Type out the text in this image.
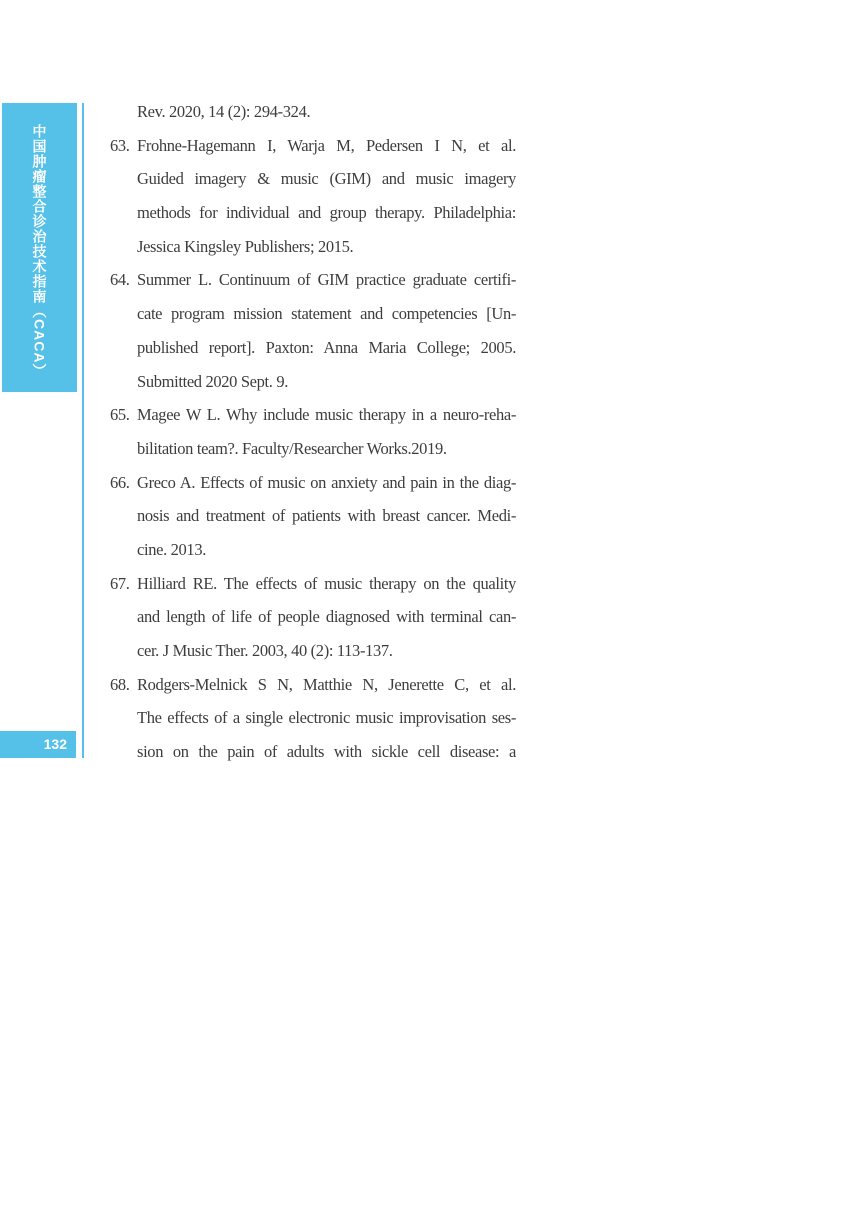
中国肿瘤整合诊治技术指南（CACA）
132
Rev. 2020, 14 (2): 294-324.
63. Frohne-Hagemann I, Warja M, Pedersen I N, et al.
Guided imagery & music (GIM) and music imagery
methods for individual and group therapy. Philadelphia:
Jessica Kingsley Publishers; 2015.
64. Summer L. Continuum of GIM practice graduate certifi-
cate program mission statement and competencies [Un-
published report]. Paxton: Anna Maria College; 2005.
Submitted 2020 Sept. 9.
65. Magee W L. Why include music therapy in a neuro-reha-
bilitation team?. Faculty/Researcher Works.2019.
66. Greco A. Effects of music on anxiety and pain in the diag-
nosis and treatment of patients with breast cancer. Medi-
cine. 2013.
67. Hilliard RE. The effects of music therapy on the quality
and length of life of people diagnosed with terminal can-
cer. J Music Ther. 2003, 40 (2): 113-137.
68. Rodgers-Melnick S N, Matthie N, Jenerette C, et al.
The effects of a single electronic music improvisation ses-
sion on the pain of adults with sickle cell disease: a
